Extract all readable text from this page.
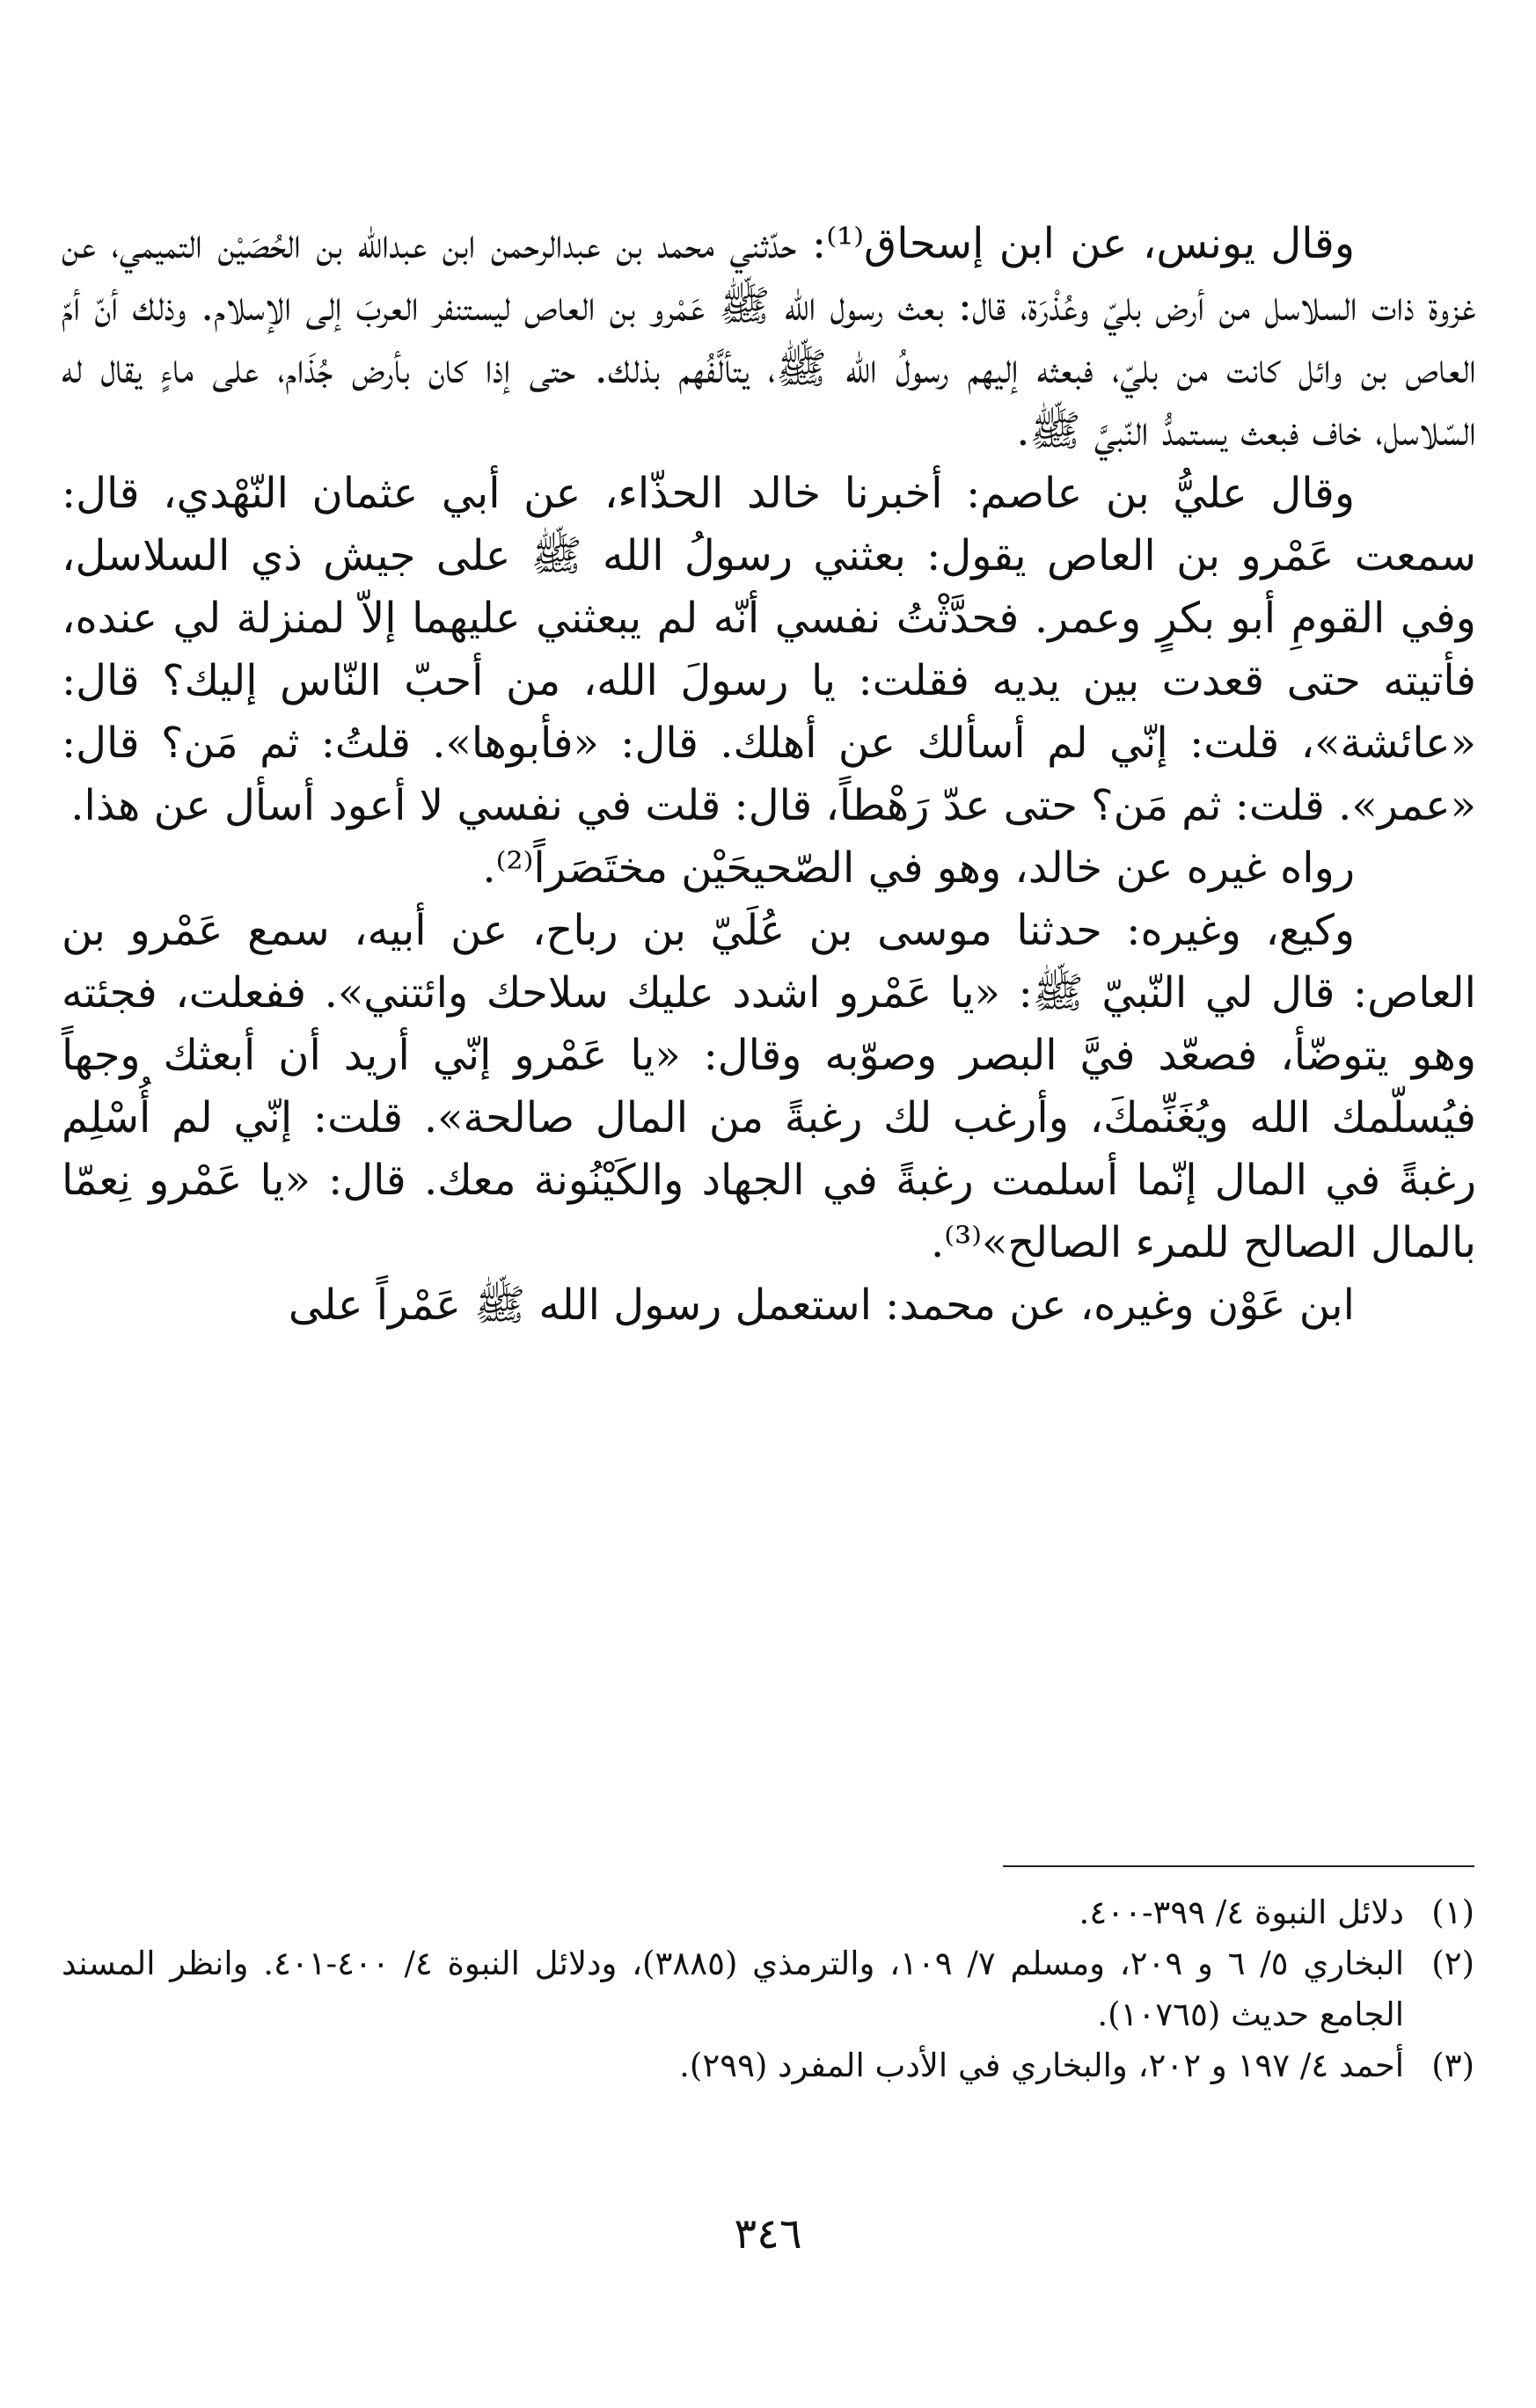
وقال يونس، عن ابن إسحاق⁽¹⁾: حدّثني محمد بن عبدالرحمن ابن عبدالله بن الحُصَيْن التميمي، عن غزوة ذات السلاسل من أرض بليّ وعُذْرَة، قال: بعث رسول الله ﷺ عَمْرو بن العاص ليستنفر العربَ إلى الإسلام. وذلك أنّ أمّ العاص بن وائل كانت من بليّ، فبعثه إليهم رسولُ الله ﷺ، يتألَّفُهم بذلك. حتى إذا كان بأرض جُذَام، على ماءٍ يقال له السّلاسل، خاف فبعث يستمدُّ النّبيَّ ﷺ.

وقال عليُّ بن عاصم: أخبرنا خالد الحذّاء، عن أبي عثمان النّهْدي، قال: سمعت عَمْرو بن العاص يقول: بعثني رسولُ الله ﷺ على جيش ذي السلاسل، وفي القومِ أبو بكرٍ وعمر. فحدَّثْتُ نفسي أنّه لم يبعثني عليهما إلاّ لمنزلة لي عنده، فأتيته حتى قعدت بين يديه فقلت: يا رسولَ الله، من أحبّ النّاس إليك؟ قال: «عائشة»، قلت: إنّي لم أسألك عن أهلك. قال: «فأبوها». قلتُ: ثم مَن؟ قال: «عمر». قلت: ثم مَن؟ حتى عدّ رَهْطاً، قال: قلت في نفسي لا أعود أسأل عن هذا.

رواه غيره عن خالد، وهو في الصّحيحَيْن مختَصَراً⁽²⁾.

وكيع، وغيره: حدثنا موسى بن عُلَيّ بن رباح، عن أبيه، سمع عَمْرو بن العاص: قال لي النّبيّ ﷺ: «يا عَمْرو اشدد عليك سلاحك وائتني». ففعلت، فجئته وهو يتوضّأ، فصعّد فيَّ البصر وصوّبه وقال: «يا عَمْرو إنّي أريد أن أبعثك وجهاً فيُسلّمك الله ويُغَنِّمكَ، وأرغب لك رغبةً من المال صالحة». قلت: إنّي لم أُسْلِم رغبةً في المال إنّما أسلمت رغبةً في الجهاد والكَيْنُونة معك. قال: «يا عَمْرو نِعمّا بالمال الصالح للمرء الصالح»⁽³⁾.

ابن عَوْن وغيره، عن محمد: استعمل رسول الله ﷺ عَمْراً على

(١)
دلائل النبوة ٤/ ٣٩٩-٤٠٠.
(٢)
البخاري ٥/ ٦ و ٢٠٩، ومسلم ٧/ ١٠٩، والترمذي (٣٨٨٥)، ودلائل النبوة ٤/ ٤٠٠-٤٠١. وانظر المسند الجامع حديث (١٠٧٦٥).
(٣)
أحمد ٤/ ١٩٧ و ٢٠٢، والبخاري في الأدب المفرد (٢٩٩).
٣٤٦
